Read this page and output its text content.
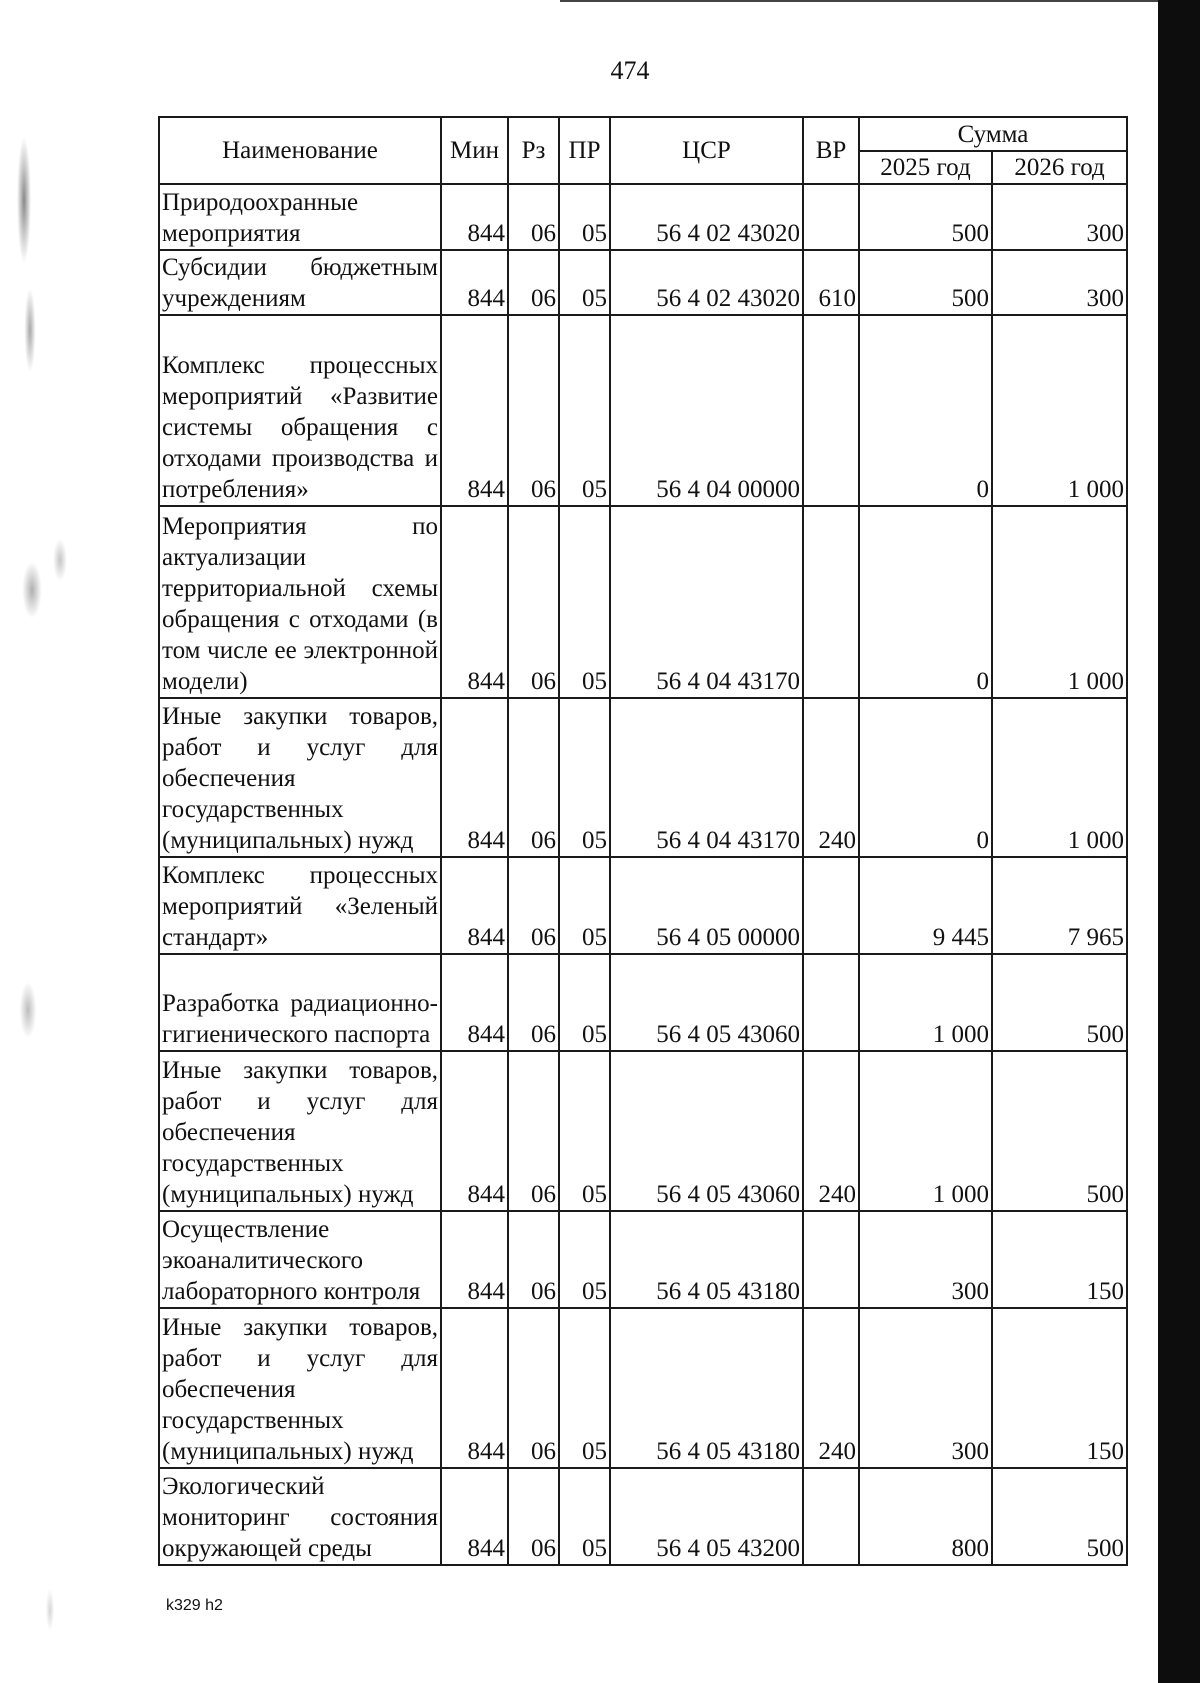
474
Наименование	Мин	Рз	ПР	ЦСР	ВР	Сумма	
						2025 год	2026 год
Природоохранные мероприятия	844	06	05	56 4 02 43020		500	300
Субсидии бюджетным учреждениям	844	06	05	56 4 02 43020	610	500	300
Комплекс процессных мероприятий «Развитие системы обращения с отходами производства и потребления»	844	06	05	56 4 04 00000		0	1 000
Мероприятия по актуализации территориальной схемы обращения с отходами (в том числе ее электронной модели)	844	06	05	56 4 04 43170		0	1 000
Иные закупки товаров, работ и услуг для обеспечения государственных (муниципальных) нужд	844	06	05	56 4 04 43170	240	0	1 000
Комплекс процессных мероприятий «Зеленый стандарт»	844	06	05	56 4 05 00000		9 445	7 965
Разработка радиационно-гигиенического паспорта	844	06	05	56 4 05 43060		1 000	500
Иные закупки товаров, работ и услуг для обеспечения государственных (муниципальных) нужд	844	06	05	56 4 05 43060	240	1 000	500
Осуществление экоаналитического лабораторного контроля	844	06	05	56 4 05 43180		300	150
Иные закупки товаров, работ и услуг для обеспечения государственных (муниципальных) нужд	844	06	05	56 4 05 43180	240	300	150
Экологический мониторинг состояния окружающей среды	844	06	05	56 4 05 43200		800	500
k329 h2
